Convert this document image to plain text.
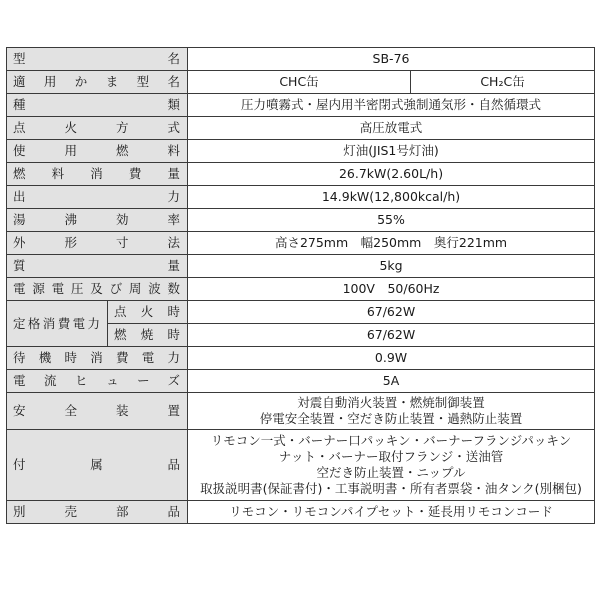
型　　　　　　名		SB-76	
適用かま型名		CHC缶	CH₂C缶
種　　　　　類		圧力噴霧式・屋内用半密閉式強制通気形・自然循環式	
点　火　方　式		高圧放電式	
使　用　燃　料		灯油(JIS1号灯油)	
燃料消費量		26.7kW(2.60L/h)	
出　　　　　力		14.9kW(12,800kcal/h)	
湯　沸　効　率		55%	
外　形　寸　法		高さ275mm　幅250mm　奥行221mm	
質　　　　　量		5kg	
電源電圧及び周波数		100V　50/60Hz	
定格消費電力	点火時	67/62W	
	燃焼時	67/62W	
待機時消費電力		0.9W	
電流ヒューズ		5A	
安　全　装　置		対震自動消火装置・燃焼制御装置
停電安全装置・空だき防止装置・過熱防止装置	

付　　　属　　　品		リモコン一式・バーナー口パッキン・バーナーフランジパッキン
ナット・バーナー取付フランジ・送油管
空だき防止装置・ニップル
取扱説明書(保証書付)・工事説明書・所有者票袋・油タンク(別梱包)	

別　売　部　品		リモコン・リモコンパイプセット・延長用リモコンコード	
